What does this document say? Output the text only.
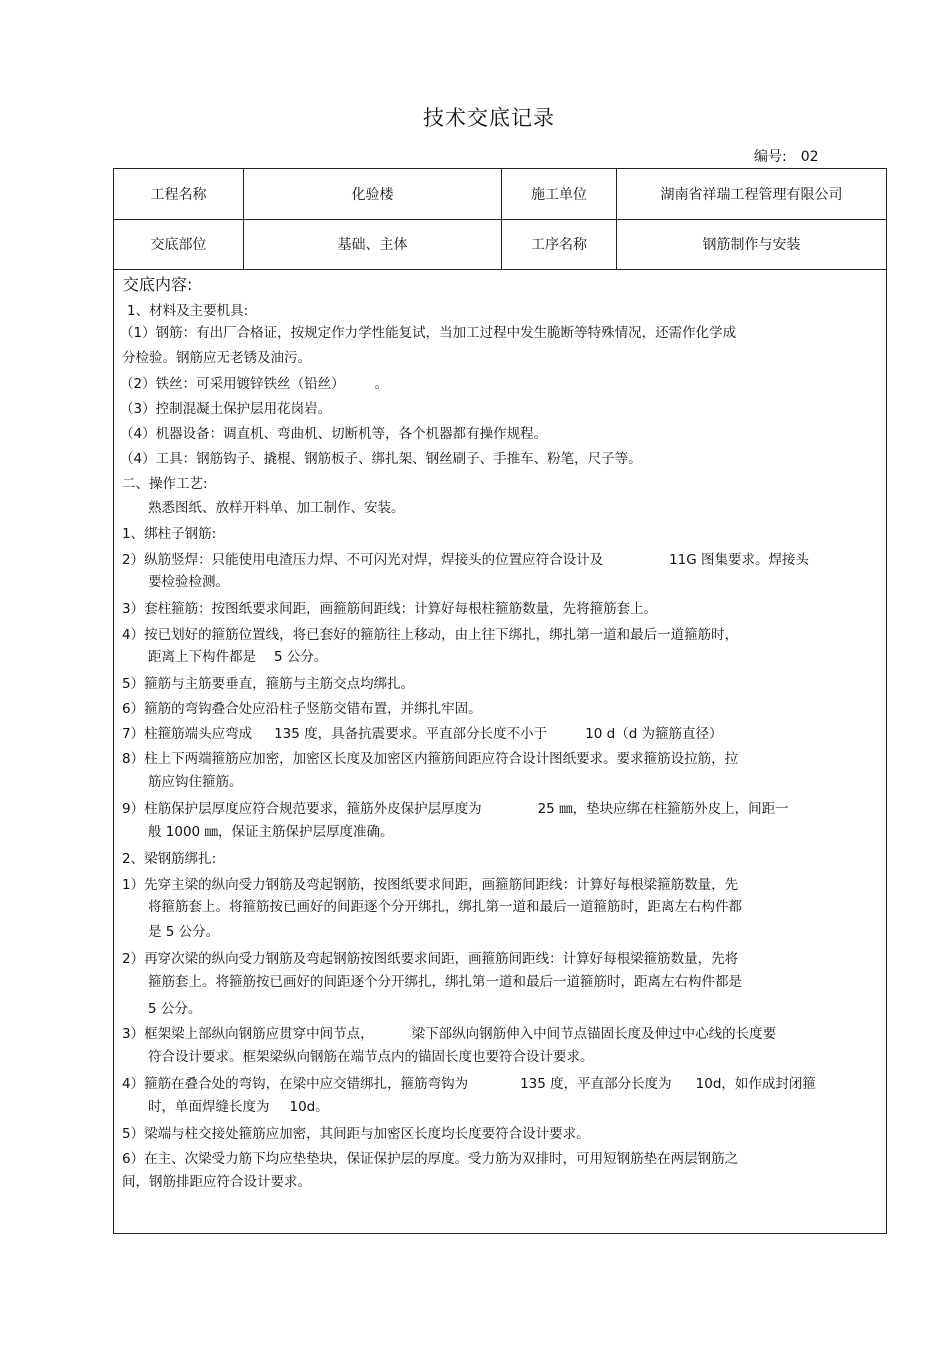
技术交底记录
编号: 02
工程名称	化验楼	施工单位	湖南省祥瑞工程管理有限公司
交底部位	基础、主体	工序名称	钢筋制作与安装
交底内容:
1、材料及主要机具:
（1）钢筋：有出厂合格证，按规定作力学性能复试，当加工过程中发生脆断等特殊情况，还需作化学成
分检验。钢筋应无老锈及油污。
（2）铁丝：可采用镀锌铁丝（铅丝） 。
（3）控制混凝土保护层用花岗岩。
（4）机器设备：调直机、弯曲机、切断机等，各个机器都有操作规程。
（4）工具：钢筋钩子、撬棍、钢筋板子、绑扎架、钢丝刷子、手推车、粉笔，尺子等。
二、操作工艺:
熟悉图纸、放样开料单、加工制作、安装。
1、绑柱子钢筋:
2）纵筋竖焊：只能使用电渣压力焊、不可闪光对焊，焊接头的位置应符合设计及	11G 图集要求。焊接头
要检验检测。
3）套柱箍筋：按图纸要求间距，画箍筋间距线：计算好每根柱箍筋数量，先将箍筋套上。
4）按已划好的箍筋位置线，将已套好的箍筋往上移动，由上往下绑扎，绑扎第一道和最后一道箍筋时，
距离上下构件都是 5 公分。
5）箍筋与主筋要垂直，箍筋与主筋交点均绑扎。
6）箍筋的弯钩叠合处应沿柱子竖筋交错布置，并绑扎牢固。
7）柱箍筋端头应弯成 135 度，具备抗震要求。平直部分长度不小于	10 d（d 为箍筋直径）
8）柱上下两端箍筋应加密，加密区长度及加密区内箍筋间距应符合设计图纸要求。要求箍筋设拉筋，拉
筋应钩住箍筋。
9）柱筋保护层厚度应符合规范要求，箍筋外皮保护层厚度为	25 ㎜，垫块应绑在柱箍筋外皮上，间距一
般 1000 ㎜，保证主筋保护层厚度准确。
2、梁钢筋绑扎:
1）先穿主梁的纵向受力钢筋及弯起钢筋，按图纸要求间距，画箍筋间距线：计算好每根梁箍筋数量，先
将箍筋套上。将箍筋按已画好的间距逐个分开绑扎，绑扎第一道和最后一道箍筋时，距离左右构件都
是 5 公分。
2）再穿次梁的纵向受力钢筋及弯起钢筋按图纸要求间距，画箍筋间距线：计算好每根梁箍筋数量，先将
箍筋套上。将箍筋按已画好的间距逐个分开绑扎，绑扎第一道和最后一道箍筋时，距离左右构件都是
5 公分。
3）框架梁上部纵向钢筋应贯穿中间节点，	梁下部纵向钢筋伸入中间节点锚固长度及伸过中心线的长度要
符合设计要求。框架梁纵向钢筋在端节点内的锚固长度也要符合设计要求。
4）箍筋在叠合处的弯钩，在梁中应交错绑扎，箍筋弯钩为	135 度，平直部分长度为 10d，如作成封闭箍
时，单面焊缝长度为 10d。
5）梁端与柱交接处箍筋应加密，其间距与加密区长度均长度要符合设计要求。
6）在主、次梁受力筋下均应垫垫块，保证保护层的厚度。受力筋为双排时，可用短钢筋垫在两层钢筋之
间，钢筋排距应符合设计要求。
